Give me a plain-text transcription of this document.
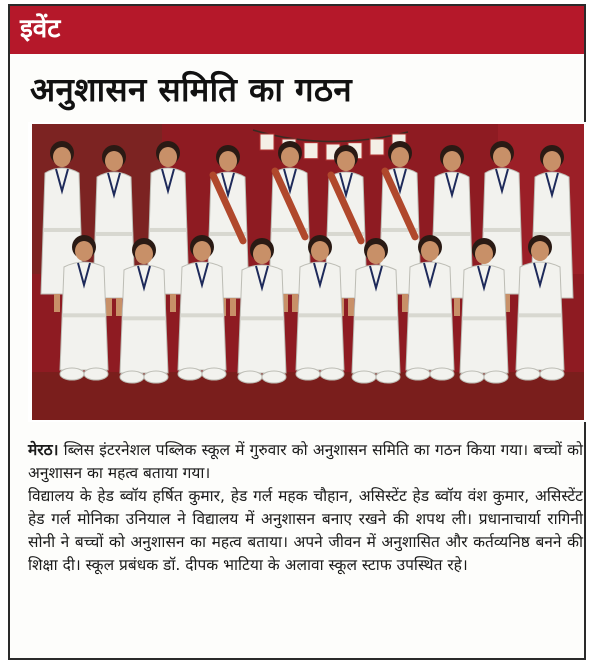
इवेंट
अनुशासन समिति का गठन

मेरठ। ब्लिस इंटरनेशल पब्लिक स्कूल में गुरुवार को अनुशासन समिति का गठन किया गया। बच्चों को अनुशासन का महत्व बताया गया।

विद्यालय के हेड ब्वॉय हर्षित कुमार, हेड गर्ल महक चौहान, असिस्टेंट हेड ब्वॉय वंश कुमार, असिस्टेंट हेड गर्ल मोनिका उनियाल ने विद्यालय में अनुशासन बनाए रखने की शपथ ली। प्रधानाचार्या रागिनी सोनी ने बच्चों को अनुशासन का महत्व बताया। अपने जीवन में अनुशासित और कर्तव्यनिष्ठ बनने की शिक्षा दी। स्कूल प्रबंधक डॉ. दीपक भाटिया के अलावा स्कूल स्टाफ उपस्थित रहे।
